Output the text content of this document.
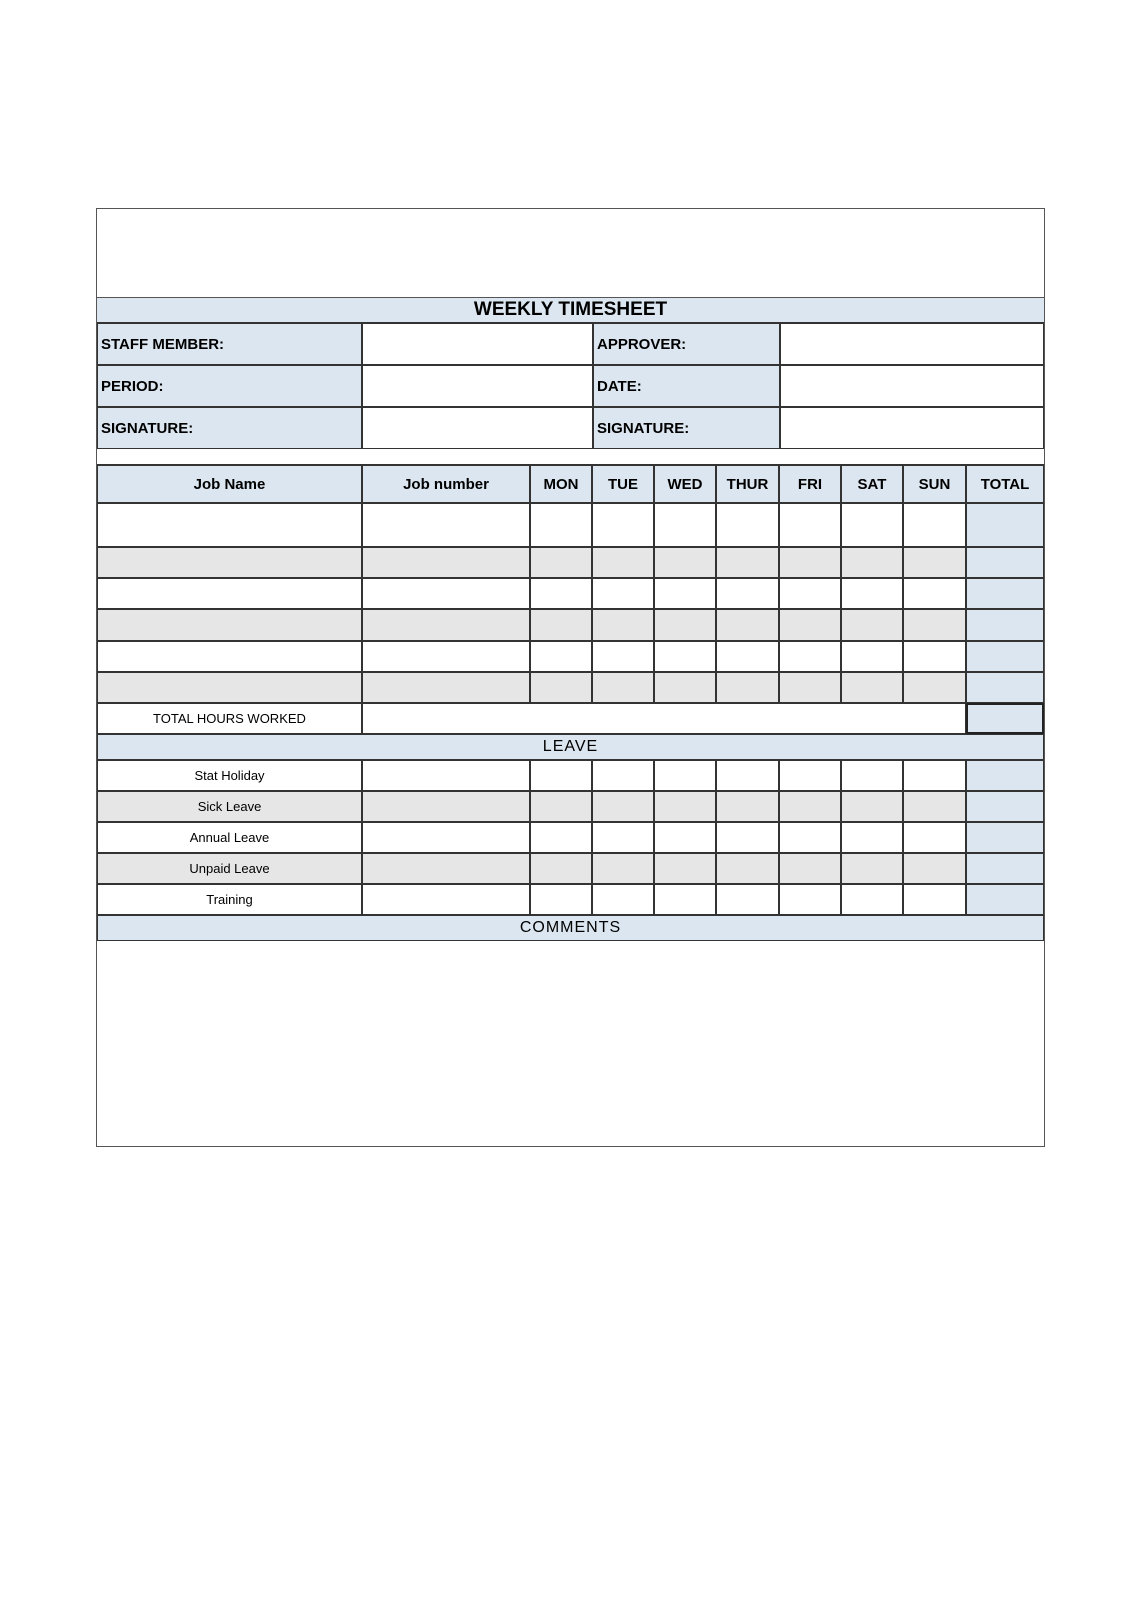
WEEKLY TIMESHEET
STAFF MEMBER:	APPROVER:
PERIOD:	DATE:
SIGNATURE:	SIGNATURE:
Job Name	Job number	MON	TUE	WED	THUR	FRI	SAT	SUN	TOTAL
TOTAL HOURS WORKED
LEAVE
Stat Holiday
Sick Leave
Annual Leave
Unpaid Leave
Training
COMMENTS
